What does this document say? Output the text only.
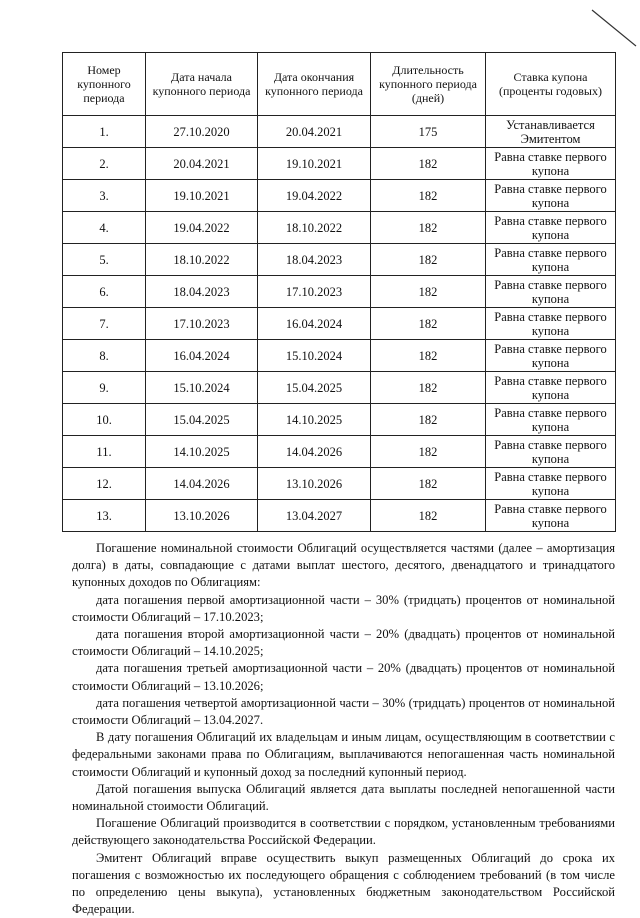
Номер купонного периода	Дата начала купонного периода	Дата окончания купонного периода	Длительность купонного периода (дней)	Ставка купона (проценты годовых)
1.	27.10.2020	20.04.2021	175	Устанавливается Эмитентом
2.	20.04.2021	19.10.2021	182	Равна ставке первого купона
3.	19.10.2021	19.04.2022	182	Равна ставке первого купона
4.	19.04.2022	18.10.2022	182	Равна ставке первого купона
5.	18.10.2022	18.04.2023	182	Равна ставке первого купона
6.	18.04.2023	17.10.2023	182	Равна ставке первого купона
7.	17.10.2023	16.04.2024	182	Равна ставке первого купона
8.	16.04.2024	15.10.2024	182	Равна ставке первого купона
9.	15.10.2024	15.04.2025	182	Равна ставке первого купона
10.	15.04.2025	14.10.2025	182	Равна ставке первого купона
11.	14.10.2025	14.04.2026	182	Равна ставке первого купона
12.	14.04.2026	13.10.2026	182	Равна ставке первого купона
13.	13.10.2026	13.04.2027	182	Равна ставке первого купона

Погашение номинальной стоимости Облигаций осуществляется частями (далее – амортизация долга) в даты, совпадающие с датами выплат шестого, десятого, двенадцатого и тринадцатого купонных доходов по Облигациям:

дата погашения первой амортизационной части – 30% (тридцать) процентов от номинальной стоимости Облигаций – 17.10.2023;

дата погашения второй амортизационной части – 20% (двадцать) процентов от номинальной стоимости Облигаций – 14.10.2025;

дата погашения третьей амортизационной части – 20% (двадцать) процентов от номинальной стоимости Облигаций – 13.10.2026;

дата погашения четвертой амортизационной части – 30% (тридцать) процентов от номинальной стоимости Облигаций – 13.04.2027.

В дату погашения Облигаций их владельцам и иным лицам, осуществляющим в соответствии с федеральными законами права по Облигациям, выплачиваются непогашенная часть номинальной стоимости Облигаций и купонный доход за последний купонный период.

Датой погашения выпуска Облигаций является дата выплаты последней непогашенной части номинальной стоимости Облигаций.

Погашение Облигаций производится в соответствии с порядком, установленным требованиями действующего законодательства Российской Федерации.

Эмитент Облигаций вправе осуществить выкуп размещенных Облигаций до срока их погашения с возможностью их последующего обращения с соблюдением требований (в том числе по определению цены выкупа), установленных бюджетным законодательством Российской Федерации.
